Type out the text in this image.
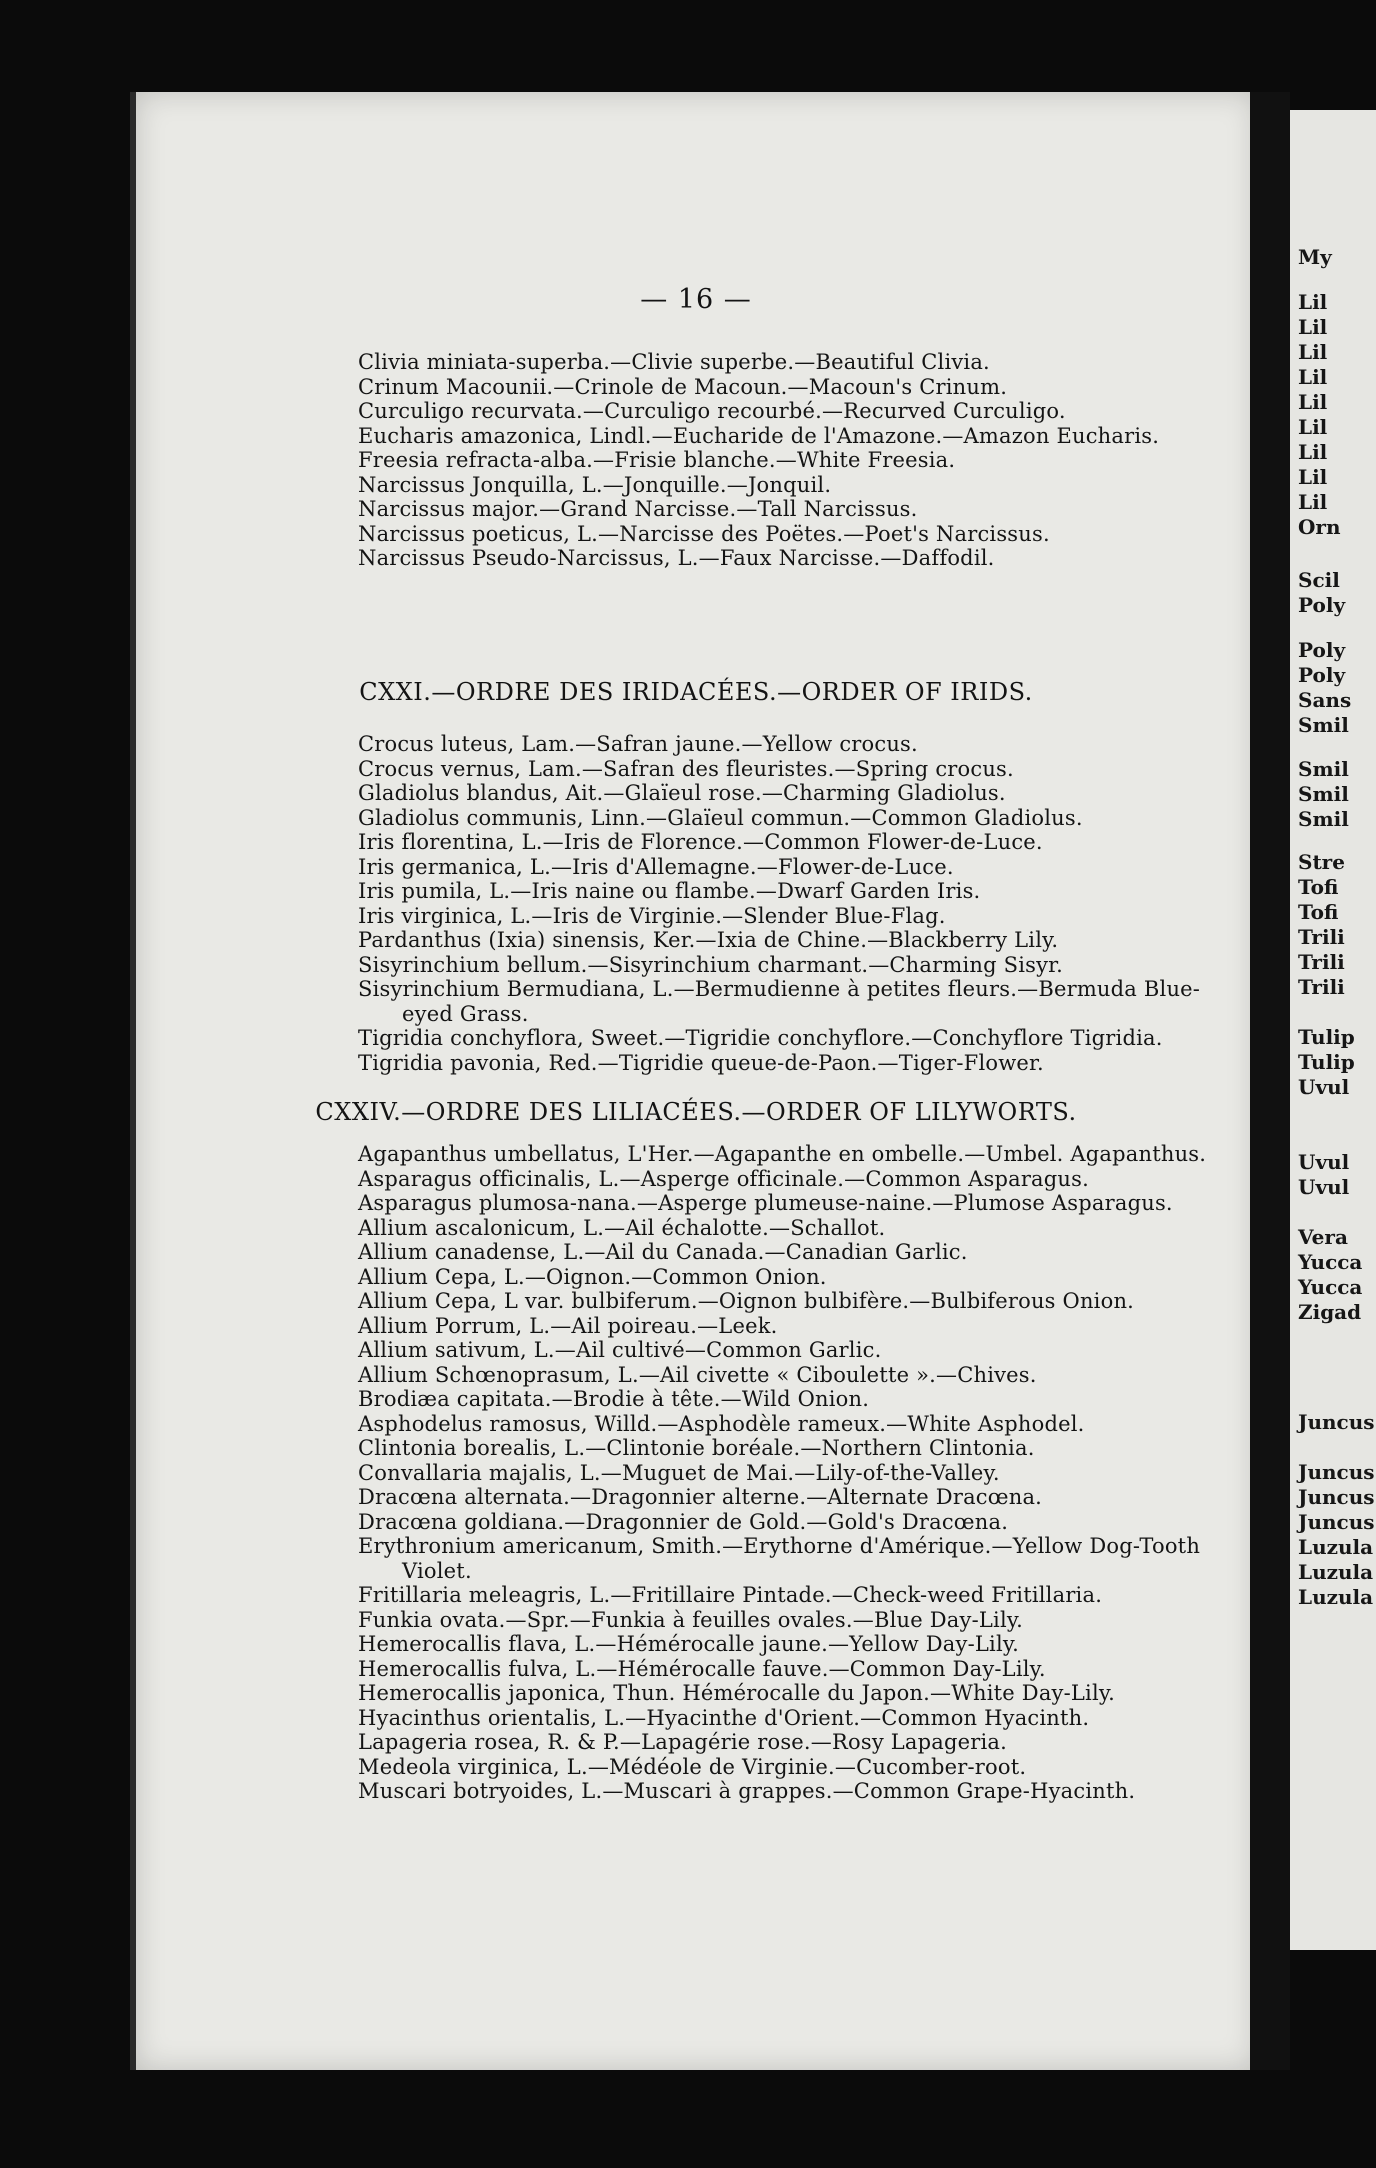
— 16 —
Clivia miniata-superba.—Clivie superbe.—Beautiful Clivia.
Crinum Macounii.—Crinole de Macoun.—Macoun's Crinum.
Curculigo recurvata.—Curculigo recourbé.—Recurved Curculigo.
Eucharis amazonica, Lindl.—Eucharide de l'Amazone.—Amazon Eucharis.
Freesia refracta-alba.—Frisie blanche.—White Freesia.
Narcissus Jonquilla, L.—Jonquille.—Jonquil.
Narcissus major.—Grand Narcisse.—Tall Narcissus.
Narcissus poeticus, L.—Narcisse des Poëtes.—Poet's Narcissus.
Narcissus Pseudo-Narcissus, L.—Faux Narcisse.—Daffodil.
CXXI.—ORDRE DES IRIDACÉES.—ORDER OF IRIDS.
Crocus luteus, Lam.—Safran jaune.—Yellow crocus.
Crocus vernus, Lam.—Safran des fleuristes.—Spring crocus.
Gladiolus blandus, Ait.—Glaïeul rose.—Charming Gladiolus.
Gladiolus communis, Linn.—Glaïeul commun.—Common Gladiolus.
Iris florentina, L.—Iris de Florence.—Common Flower-de-Luce.
Iris germanica, L.—Iris d'Allemagne.—Flower-de-Luce.
Iris pumila, L.—Iris naine ou flambe.—Dwarf Garden Iris.
Iris virginica, L.—Iris de Virginie.—Slender Blue-Flag.
Pardanthus (Ixia) sinensis, Ker.—Ixia de Chine.—Blackberry Lily.
Sisyrinchium bellum.—Sisyrinchium charmant.—Charming Sisyr.
Sisyrinchium Bermudiana, L.—Bermudienne à petites fleurs.—Bermuda Blue-eyed Grass.
Tigridia conchyflora, Sweet.—Tigridie conchyflore.—Conchyflore Tigridia.
Tigridia pavonia, Red.—Tigridie queue-de-Paon.—Tiger-Flower.
CXXIV.—ORDRE DES LILIACÉES.—ORDER OF LILYWORTS.
Agapanthus umbellatus, L'Her.—Agapanthe en ombelle.—Umbel. Agapanthus.
Asparagus officinalis, L.—Asperge officinale.—Common Asparagus.
Asparagus plumosa-nana.—Asperge plumeuse-naine.—Plumose Asparagus.
Allium ascalonicum, L.—Ail échalotte.—Schallot.
Allium canadense, L.—Ail du Canada.—Canadian Garlic.
Allium Cepa, L.—Oignon.—Common Onion.
Allium Cepa, L var. bulbiferum.—Oignon bulbifère.—Bulbiferous Onion.
Allium Porrum, L.—Ail poireau.—Leek.
Allium sativum, L.—Ail cultivé—Common Garlic.
Allium Schœnoprasum, L.—Ail civette « Ciboulette ».—Chives.
Brodiæa capitata.—Brodie à tête.—Wild Onion.
Asphodelus ramosus, Willd.—Asphodèle rameux.—White Asphodel.
Clintonia borealis, L.—Clintonie boréale.—Northern Clintonia.
Convallaria majalis, L.—Muguet de Mai.—Lily-of-the-Valley.
Dracœna alternata.—Dragonnier alterne.—Alternate Dracœna.
Dracœna goldiana.—Dragonnier de Gold.—Gold's Dracœna.
Erythronium americanum, Smith.—Erythorne d'Amérique.—Yellow Dog-Tooth Violet.
Fritillaria meleagris, L.—Fritillaire Pintade.—Check-weed Fritillaria.
Funkia ovata.—Spr.—Funkia à feuilles ovales.—Blue Day-Lily.
Hemerocallis flava, L.—Hémérocalle jaune.—Yellow Day-Lily.
Hemerocallis fulva, L.—Hémérocalle fauve.—Common Day-Lily.
Hemerocallis japonica, Thun. Hémérocalle du Japon.—White Day-Lily.
Hyacinthus orientalis, L.—Hyacinthe d'Orient.—Common Hyacinth.
Lapageria rosea, R. & P.—Lapagérie rose.—Rosy Lapageria.
Medeola virginica, L.—Médéole de Virginie.—Cucomber-root.
Muscari botryoides, L.—Muscari à grappes.—Common Grape-Hyacinth.
My
Lil
Lil
Lil
Lil
Lil
Lil
Lil
Lil
Lil
Orn
Scil
Poly
Poly
Poly
Sans
Smil
Smil
Smil
Smil
Stre
Tofi
Tofi
Trili
Trili
Trili
Tulip
Tulip
Uvul
Uvul
Uvul
Vera
Yucca
Yucca
Zigad
Juncus
Juncus
Juncus
Juncus
Luzula
Luzula
Luzula
